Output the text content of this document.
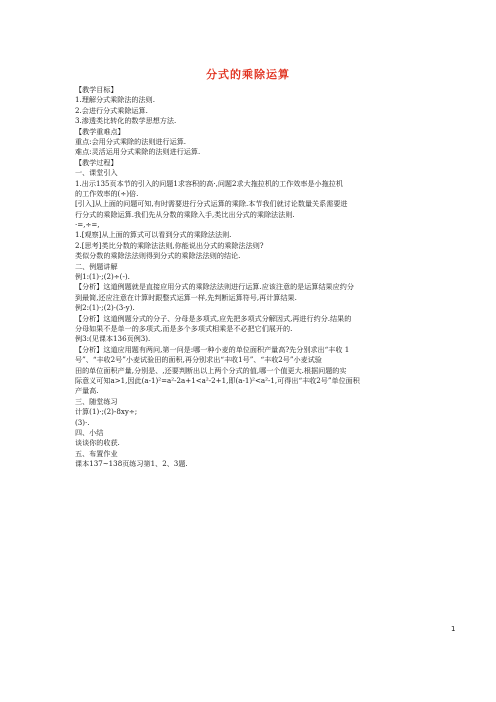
分式的乘除运算
【教学目标】
1.理解分式乘除法的法则.
2.会进行分式乘除运算.
3.渗透类比转化的数学思想方法.
【教学重难点】
重点:会用分式乘除的法则进行运算.
难点:灵活运用分式乘除的法则进行运算.
【教学过程】
一、课堂引入
1.出示135页本节的引入的问题1求容积的高·,问题2求大拖拉机的工作效率是小拖拉机
的工作效率的(÷)倍.
[引入]从上面的问题可知,有时需要进行分式运算的乘除.本节我们就讨论数量关系需要进
行分式的乘除运算.我们先从分数的乘除入手,类比出分式的乘除法法则.
·=,÷=,
1.[观察]从上面的算式可以看到分式的乘除法法则.
2.[思考]类比分数的乘除法法则,你能说出分式的乘除法法则?
类似分数的乘除法法则得到分式的乘除法法则的结论.
二、例题讲解
例1:(1)·;(2)÷(-).
【分析】这道例题就是直接应用分式的乘除法法则进行运算.应该注意的是运算结果应约分
到最简,还应注意在计算时跟整式运算一样,先判断运算符号,再计算结果.
例2:(1)·;(2)·(3-y).
【分析】这道例题分式的分子、分母是多项式,应先把多项式分解因式,再进行约分.结果的
分母如果不是单一的多项式,而是多个多项式相乘是不必把它们展开的.
例3:(见课本136页例3).
【分析】这道应用题有两问,第一问是:哪一种小麦的单位面积产量高?先分别求出“丰收 1
号”、“丰收2号”小麦试验田的面积,再分别求出“丰收1号”、“丰收2号”小麦试验
田的单位面积产量,分别是、,还要判断出以上两个分式的值,哪一个值更大.根据问题的实
际意义可知a>1,因此(a-1)²=a²-2a+1<a²-2+1,即(a-1)²<a²-1,可得出“丰收2号”单位面积
产量高.
三、随堂练习
计算(1)·;(2)-8xy÷;
(3)·.
四、小结
谈谈你的收获.
五、布置作业
课本137~138页练习第1、2、3题.
1
